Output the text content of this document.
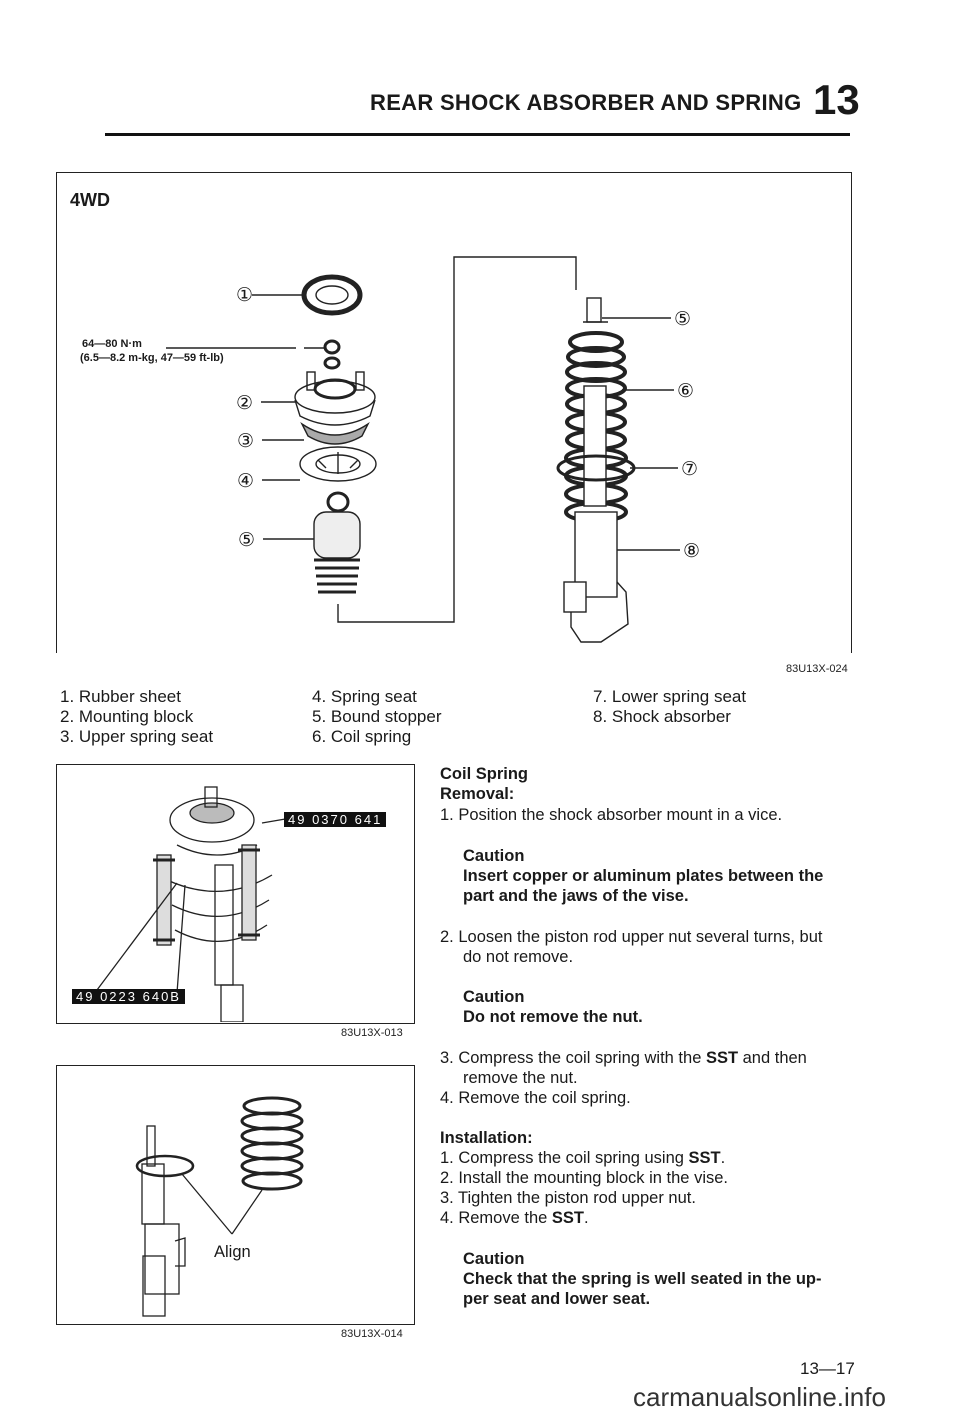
REAR SHOCK ABSORBER AND SPRING 13
4WD
①
64—80 N·m
(6.5—8.2 m-kg, 47—59 ft-lb)
②
③
④
⑤
⑤
⑥
⑦
⑧
83U13X-024
1. Rubber sheet
2. Mounting block
3. Upper spring seat
4. Spring seat
5. Bound stopper
6. Coil spring
7. Lower spring seat
8. Shock absorber
49 0370 641
49 0223 640B
83U13X-013
Align
83U13X-014
Coil Spring
Removal:
1. Position the shock absorber mount in a vice.
Caution
Insert copper or aluminum plates between the
part and the jaws of the vise.
2. Loosen the piston rod upper nut several turns, but
do not remove.
Caution
Do not remove the nut.
3. Compress the coil spring with the SST and then
remove the nut.
4. Remove the coil spring.
Installation:
1. Compress the coil spring using SST.
2. Install the mounting block in the vise.
3. Tighten the piston rod upper nut.
4. Remove the SST.
Caution
Check that the spring is well seated in the up-
per seat and lower seat.
13—17
carmanualsonline.info
